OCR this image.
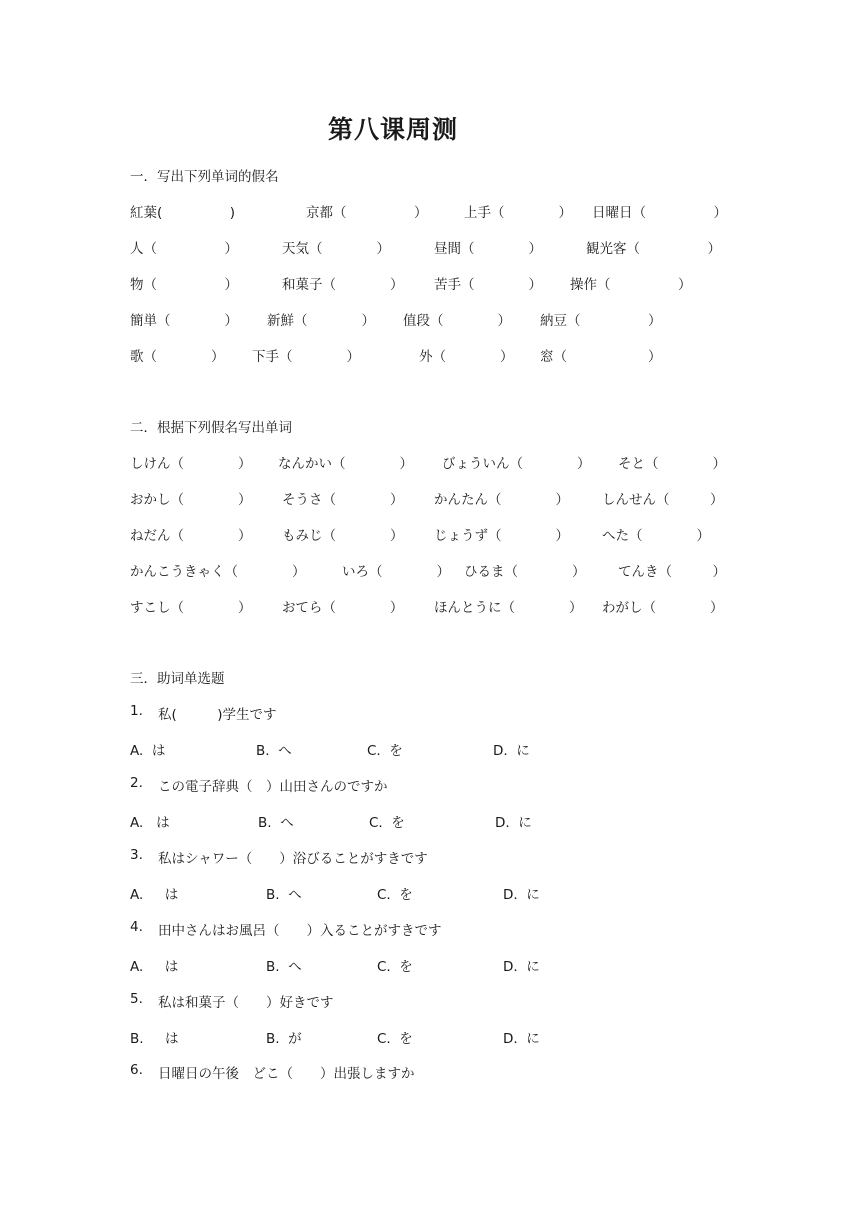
第八课周测
一．写出下列单词的假名
紅葉(　　　　　)	京都（　　　　　）	上手（　　　　） 日曜日（　　　　　）
人（　　　　　）	天気（　　　　）	昼間（　　　　）	観光客（　　　　　）
物（　　　　　）	和菓子（　　　　） 苦手（　　　　） 操作（　　　　　）
簡単（　　　　） 新鮮（　　　　） 值段（　　　　） 納豆（　　　　　）
歌（　　　　） 下手（　　　　）	外（　　　　） 窓（　　　　　　）
二．根据下列假名写出单词
しけん（　　　　） なんかい（　　　　） びょういん（　　　　） そと（　　　　）
おかし（　　　　） そうさ（　　　　） かんたん（　　　　） しんせん（　　　）
ねだん（　　　　） もみじ（　　　　） じょうず（　　　　） へた（　　　　）
かんこうきゃく（　　　　）	いろ（　　　　） ひるま（　　　　） てんき（　　　）
すこし（　　　　） おてら（　　　　） ほんとうに（　　　　） わがし（　　　　）
三．助词单选题
1. 私(　　　)学生です
A.  は	B.  へ	C.  を	D.  に
2. この電子辞典（　）山田さんのですか
A.   は	B.  へ	C.  を	D.  に
3. 私はシャワー（　　）浴びることがすきです
A.     は	B.  へ	C.  を	D.  に
4. 田中さんはお風呂（　　）入ることがすきです
A.     は	B.  へ	C.  を	D.  に
5. 私は和菓子（　　）好きです
B.     は	B.  が	C.  を	D.  に
6. 日曜日の午後　どこ（　　）出張しますか
